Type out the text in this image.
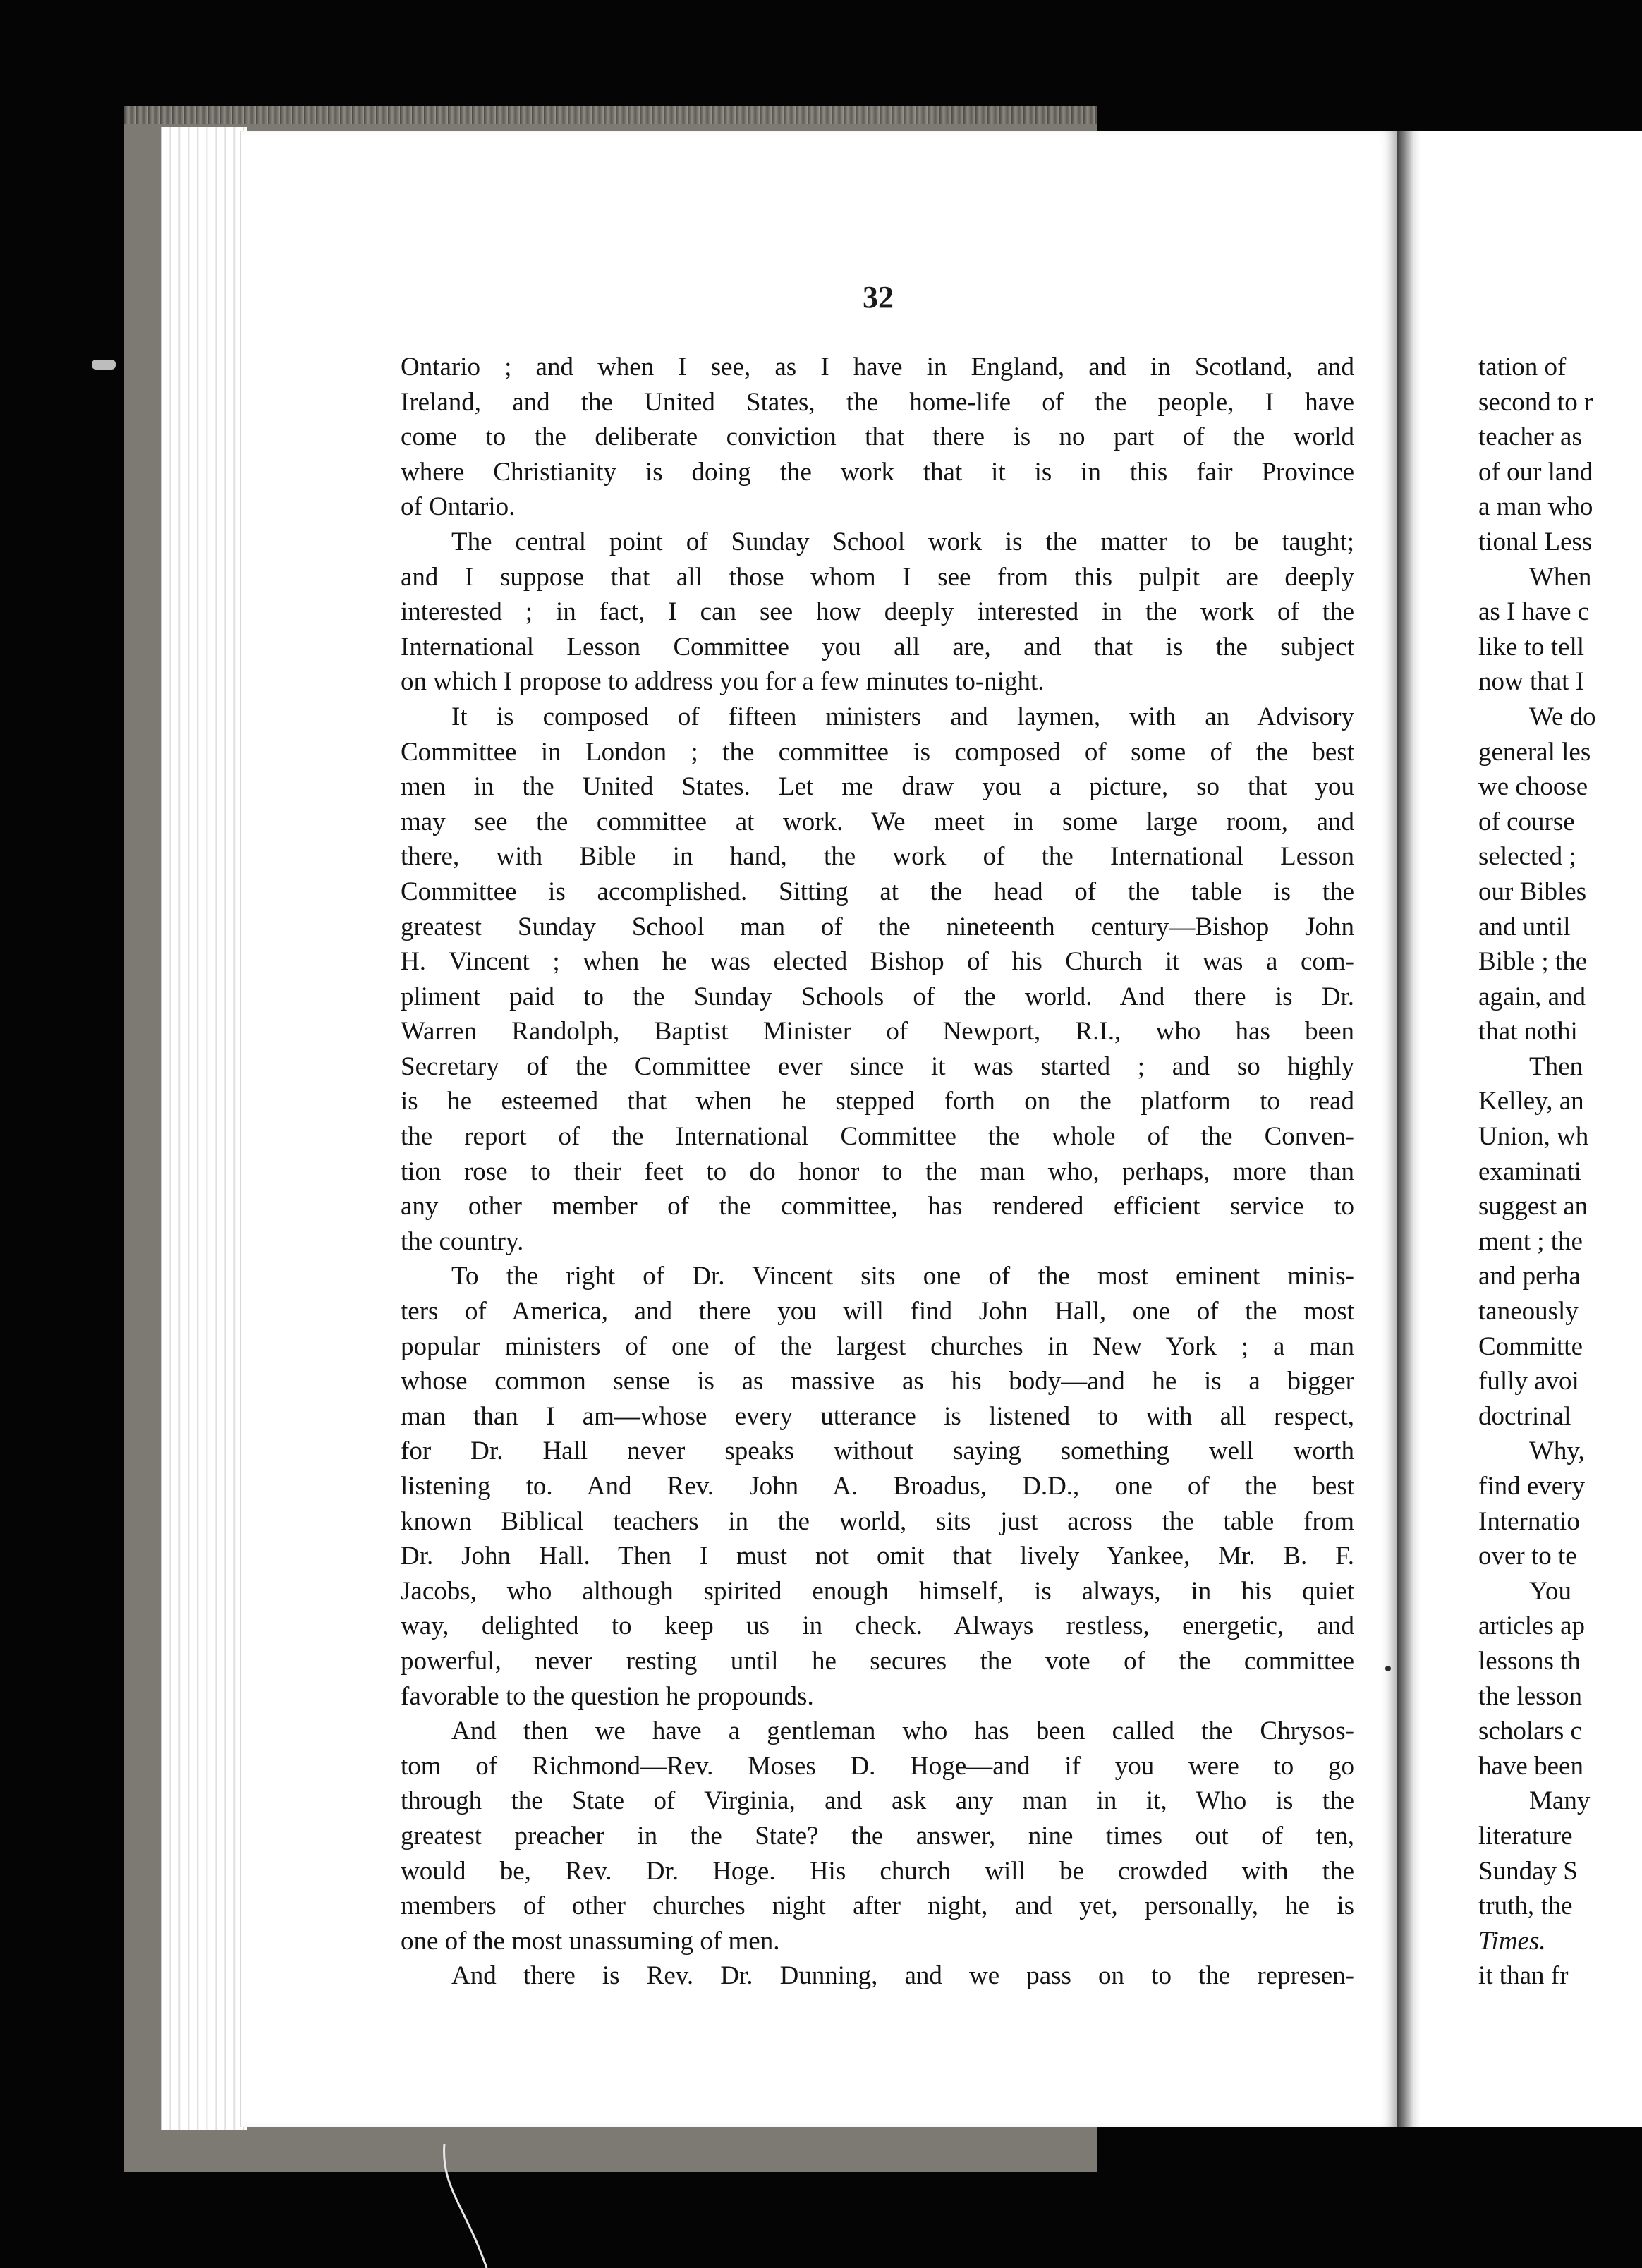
32
Ontario ; and when I see, as I have in England, and in Scotland, and
Ireland, and the United States, the home-life of the people, I have
come to the deliberate conviction that there is no part of the world
where Christianity is doing the work that it is in this fair Province
of Ontario.
The central point of Sunday School work is the matter to be taught;
and I suppose that all those whom I see from this pulpit are deeply
interested ; in fact, I can see how deeply interested in the work of the
International Lesson Committee you all are, and that is the subject
on which I propose to address you for a few minutes to-night.
It is composed of fifteen ministers and laymen, with an Advisory
Committee in London ; the committee is composed of some of the best
men in the United States. Let me draw you a picture, so that you
may see the committee at work. We meet in some large room, and
there, with Bible in hand, the work of the International Lesson
Committee is accomplished. Sitting at the head of the table is the
greatest Sunday School man of the nineteenth century—Bishop John
H. Vincent ; when he was elected Bishop of his Church it was a com-
pliment paid to the Sunday Schools of the world. And there is Dr.
Warren Randolph, Baptist Minister of Newport, R.I., who has been
Secretary of the Committee ever since it was started ; and so highly
is he esteemed that when he stepped forth on the platform to read
the report of the International Committee the whole of the Conven-
tion rose to their feet to do honor to the man who, perhaps, more than
any other member of the committee, has rendered efficient service to
the country.
To the right of Dr. Vincent sits one of the most eminent minis-
ters of America, and there you will find John Hall, one of the most
popular ministers of one of the largest churches in New York ; a man
whose common sense is as massive as his body—and he is a bigger
man than I am—whose every utterance is listened to with all respect,
for Dr. Hall never speaks without saying something well worth
listening to. And Rev. John A. Broadus, D.D., one of the best
known Biblical teachers in the world, sits just across the table from
Dr. John Hall. Then I must not omit that lively Yankee, Mr. B. F.
Jacobs, who although spirited enough himself, is always, in his quiet
way, delighted to keep us in check. Always restless, energetic, and
powerful, never resting until he secures the vote of the committee
favorable to the question he propounds.
And then we have a gentleman who has been called the Chrysos-
tom of Richmond—Rev. Moses D. Hoge—and if you were to go
through the State of Virginia, and ask any man in it, Who is the
greatest preacher in the State? the answer, nine times out of ten,
would be, Rev. Dr. Hoge. His church will be crowded with the
members of other churches night after night, and yet, personally, he is
one of the most unassuming of men.
And there is Rev. Dr. Dunning, and we pass on to the represen-
tation of
second to r
teacher as
of our land
a man who
tional Less
When
as I have c
like to tell
now that I
We do
general les
we choose
of course
selected ;
our Bibles
and until
Bible ; the
again, and
that nothi
Then
Kelley, an
Union, wh
examinati
suggest an
ment ; the
and perha
taneously
Committe
fully avoi
doctrinal
Why,
find every
Internatio
over to te
You
articles ap
lessons th
the lesson
scholars c
have been
Many
literature
Sunday S
truth, the
Times.
it than fr
